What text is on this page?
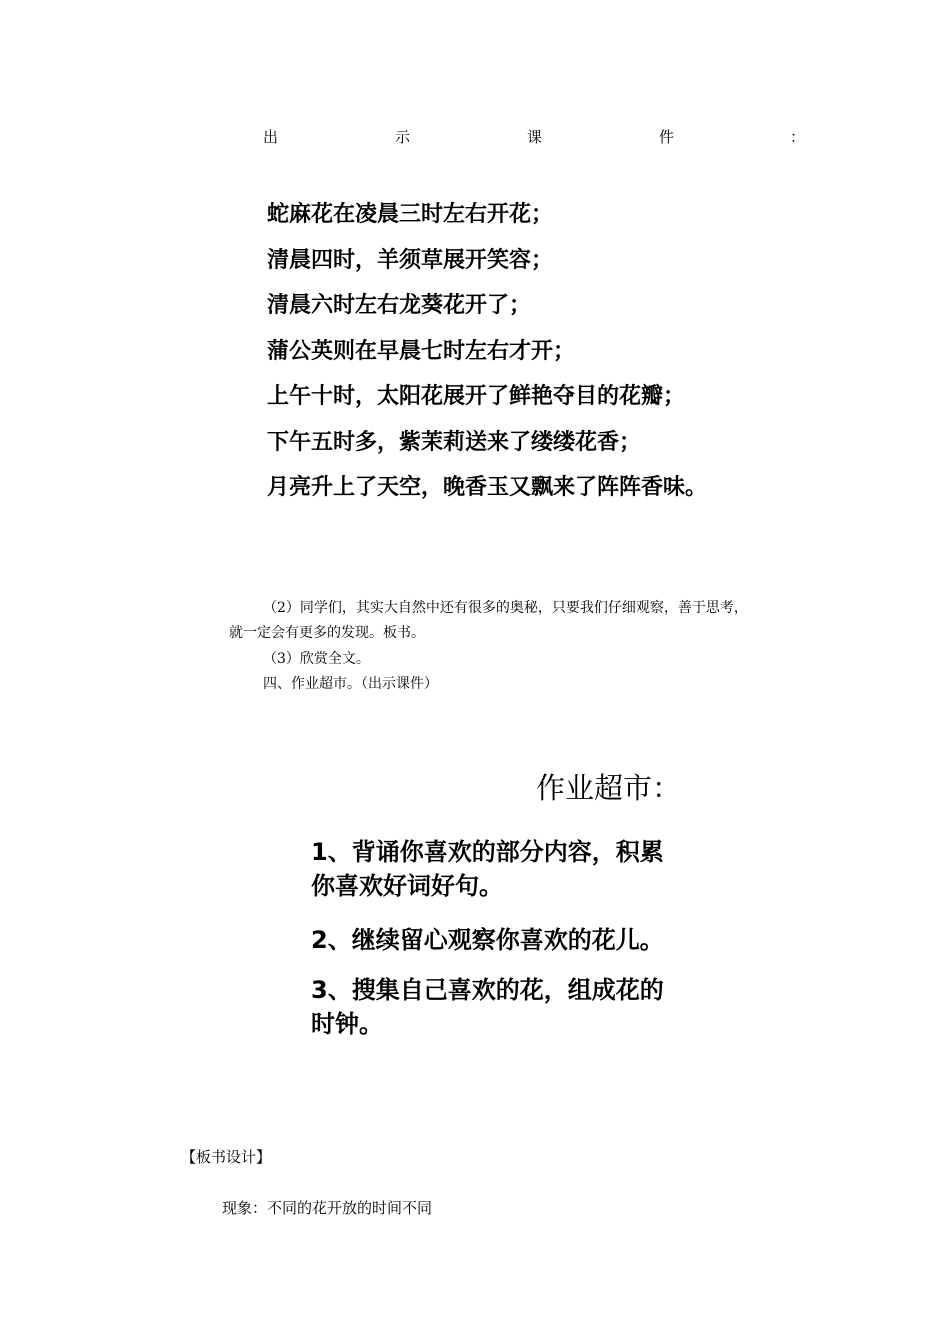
出	示	课	件	：
蛇麻花在凌晨三时左右开花；
清晨四时，羊须草展开笑容；
清晨六时左右龙葵花开了；
蒲公英则在早晨七时左右才开；
上午十时，太阳花展开了鲜艳夺目的花瓣；
下午五时多，紫茉莉送来了缕缕花香；
月亮升上了天空，晚香玉又飘来了阵阵香味。
（2）同学们，其实大自然中还有很多的奥秘，只要我们仔细观察，善于思考，
就一定会有更多的发现。板书。
（3）欣赏全文。
四、作业超市。（出示课件）
作业超市：
1、背诵你喜欢的部分内容，积累
你喜欢好词好句。
2、继续留心观察你喜欢的花儿。
3、搜集自己喜欢的花，组成花的
时钟。
【板书设计】
现象：不同的花开放的时间不同
